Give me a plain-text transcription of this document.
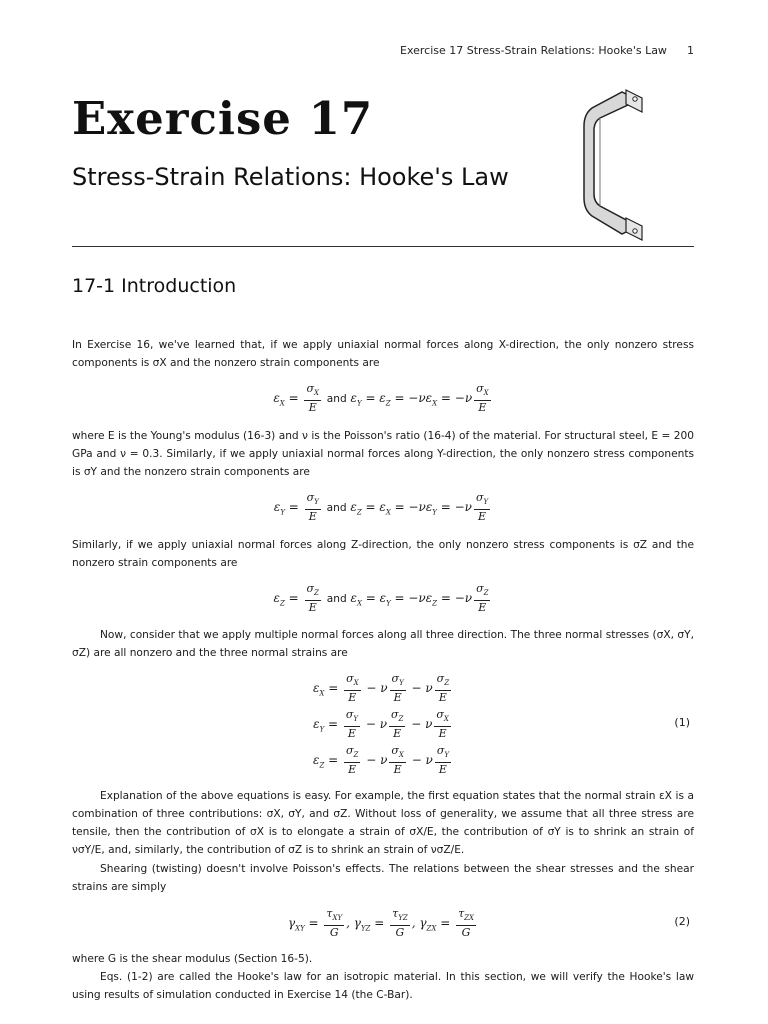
Exercise 17 Stress-Strain Relations: Hooke's Law 1
Exercise 17
Stress-Strain Relations: Hooke's Law
17-1 Introduction
In Exercise 16, we've learned that, if we apply uniaxial normal forces along X-direction, the only nonzero stress components is σX and the nonzero strain components are
$\varepsilon_X = \frac{\sigma_X}{E}$ and $\varepsilon_Y = \varepsilon_Z = -\nu\varepsilon_X = -\nu \frac{\sigma_X}{E}$
where E is the Young's modulus (16-3) and ν is the Poisson's ratio (16-4) of the material. For structural steel, E = 200 GPa and ν = 0.3. Similarly, if we apply uniaxial normal forces along Y-direction, the only nonzero stress components is σY and the nonzero strain components are
$\varepsilon_Y = \frac{\sigma_Y}{E}$ and $\varepsilon_Z = \varepsilon_X = -\nu\varepsilon_Y = -\nu \frac{\sigma_Y}{E}$
Similarly, if we apply uniaxial normal forces along Z-direction, the only nonzero stress components is σZ and the nonzero strain components are
$\varepsilon_Z = \frac{\sigma_Z}{E}$ and $\varepsilon_X = \varepsilon_Y = -\nu\varepsilon_Z = -\nu \frac{\sigma_Z}{E}$
Now, consider that we apply multiple normal forces along all three direction. The three normal stresses (σX, σY, σZ) are all nonzero and the three normal strains are
$\varepsilon_X = \frac{\sigma_X}{E} - \nu \frac{\sigma_Y}{E} - \nu \frac{\sigma_Z}{E}$
$\varepsilon_Y = \frac{\sigma_Y}{E} - \nu \frac{\sigma_Z}{E} - \nu \frac{\sigma_X}{E}$	(1)
$\varepsilon_Z = \frac{\sigma_Z}{E} - \nu \frac{\sigma_X}{E} - \nu \frac{\sigma_Y}{E}$
Explanation of the above equations is easy. For example, the first equation states that the normal strain εX is a combination of three contributions: σX, σY, and σZ. Without loss of generality, we assume that all three stress are tensile, then the contribution of σX is to elongate a strain of σX/E, the contribution of σY is to shrink an strain of νσY/E, and, similarly, the contribution of σZ is to shrink an strain of νσZ/E.
Shearing (twisting) doesn't involve Poisson's effects. The relations between the shear stresses and the shear strains are simply
$\gamma_{XY} = \frac{\tau_{XY}}{G}$ , $\gamma_{YZ} = \frac{\tau_{YZ}}{G}$ , $\gamma_{ZX} = \frac{\tau_{ZX}}{G}$	(2)
where G is the shear modulus (Section 16-5).
Eqs. (1-2) are called the Hooke's law for an isotropic material. In this section, we will verify the Hooke's law using results of simulation conducted in Exercise 14 (the C-Bar).
